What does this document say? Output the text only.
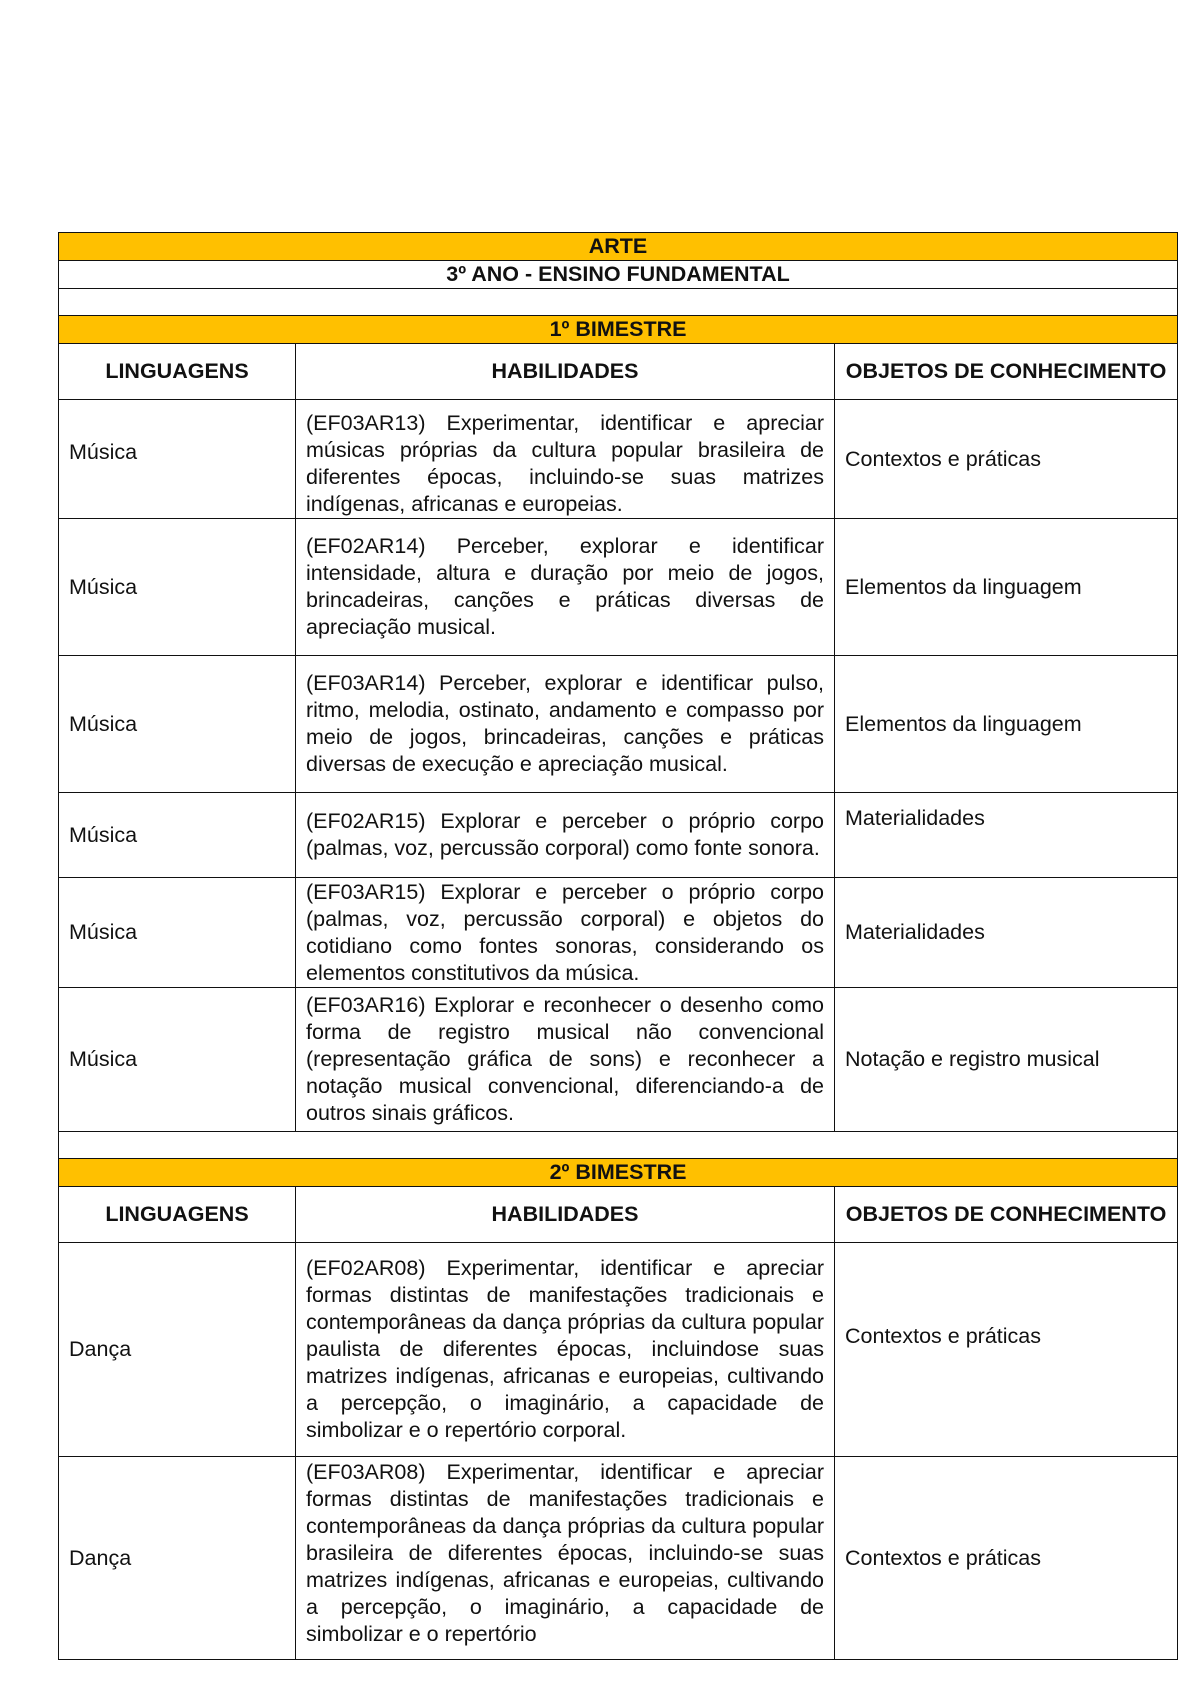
ARTE		
3º ANO - ENSINO FUNDAMENTAL		

1º BIMESTRE		
LINGUAGENS	HABILIDADES	OBJETOS DE CONHECIMENTO
Música	(EF03AR13) Experimentar, identificar e apreciar músicas próprias da cultura popular brasileira de diferentes épocas, incluindo-se suas matrizes indígenas, africanas e europeias.	Contextos e práticas
Música	(EF02AR14) Perceber, explorar e identificar intensidade, altura e duração por meio de jogos, brincadeiras, canções e práticas diversas de apreciação musical.	Elementos da linguagem
Música	(EF03AR14) Perceber, explorar e identificar pulso, ritmo, melodia, ostinato, andamento e compasso por meio de jogos, brincadeiras, canções e práticas diversas de execução e apreciação musical.	Elementos da linguagem
Música	(EF02AR15) Explorar e perceber o próprio corpo (palmas, voz, percussão corporal) como fonte sonora.	Materialidades
Música	(EF03AR15) Explorar e perceber o próprio corpo (palmas, voz, percussão corporal) e objetos do cotidiano como fontes sonoras, considerando os elementos constitutivos da música.	Materialidades
Música	(EF03AR16) Explorar e reconhecer o desenho como forma de registro musical não convencional (representação gráfica de sons) e reconhecer a notação musical convencional, diferenciando-a de outros sinais gráficos.	Notação e registro musical

2º BIMESTRE		
LINGUAGENS	HABILIDADES	OBJETOS DE CONHECIMENTO
Dança	(EF02AR08) Experimentar, identificar e apreciar formas distintas de manifestações tradicionais e contemporâneas da dança próprias da cultura popular paulista de diferentes épocas, incluindose suas matrizes indígenas, africanas e europeias, cultivando a percepção, o imaginário, a capacidade de simbolizar e o repertório corporal.	Contextos e práticas
Dança	(EF03AR08) Experimentar, identificar e apreciar formas distintas de manifestações tradicionais e contemporâneas da dança próprias da cultura popular brasileira de diferentes épocas, incluindo-se suas matrizes indígenas, africanas e europeias, cultivando a percepção, o imaginário, a capacidade de simbolizar e o repertório	Contextos e práticas
